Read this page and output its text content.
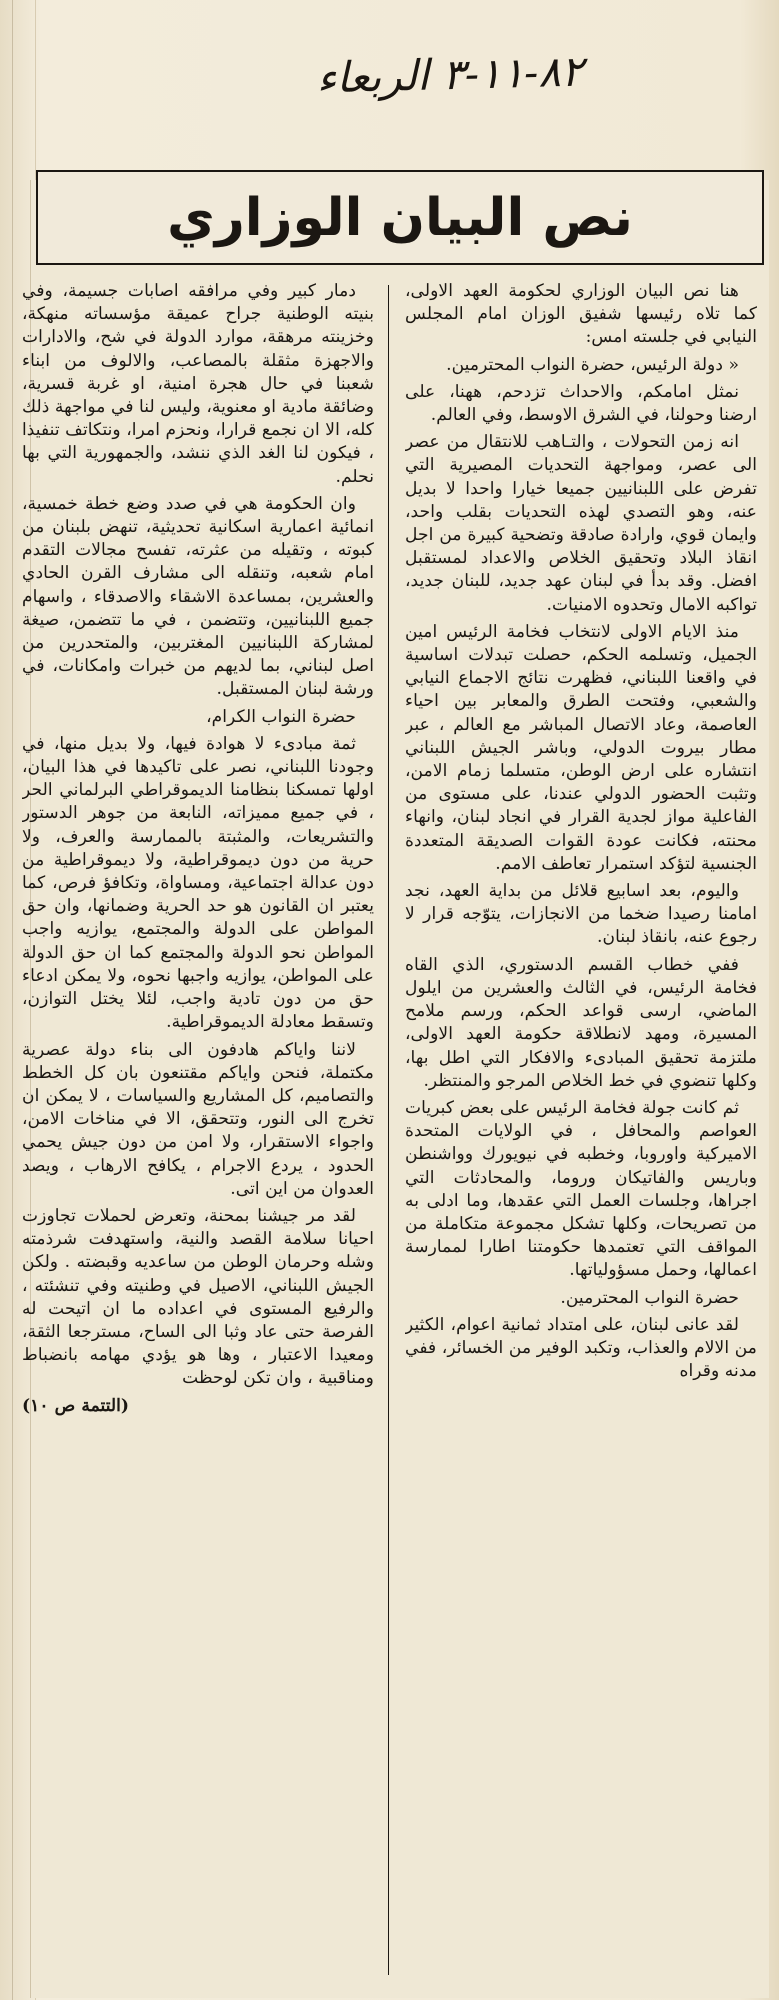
٨٢-١١-٣ الربعاء
نص البيان الوزاري

هنا نص البيان الوزاري لحكومة العهد الاولى، كما تلاه رئيسها شفيق الوزان امام المجلس النيابي في جلسته امس:

« دولة الرئيس، حضرة النواب المحترمين.

نمثل امامكم، والاحداث تزدحم، ههنا، على ارضنا وحولنا، في الشرق الاوسط، وفي العالم.

انه زمن التحولات ، والتـاهب للانتقال من عصر الى عصر، ومواجهة التحديات المصيرية التي تفرض على اللبنانيين جميعا خيارا واحدا لا بديل عنه، وهو التصدي لهذه التحديات بقلب واحد، وايمان قوي، وارادة صادقة وتضحية كبيرة من اجل انقاذ البلاد وتحقيق الخلاص والاعداد لمستقبل افضل. وقد بدأ في لبنان عهد جديد، للبنان جديد، تواكبه الامال وتحدوه الامنيات.

منذ الايام الاولى لانتخاب فخامة الرئيس امين الجميل، وتسلمه الحكم، حصلت تبدلات اساسية في واقعنا اللبناني، فظهرت نتائج الاجماع النيابي والشعبي، وفتحت الطرق والمعابر بين احياء العاصمة، وعاد الاتصال المباشر مع العالم ، عبر مطار بيروت الدولي، وباشر الجيش اللبناني انتشاره على ارض الوطن، متسلما زمام الامن، وتثبت الحضور الدولي عندنا، على مستوى من الفاعلية مواز لجدية القرار في انجاد لبنان، وانهاء محنته، فكانت عودة القوات الصديقة المتعددة الجنسية لتؤكد استمرار تعاطف الامم.

واليوم، بعد اسابيع قلائل من بداية العهد، نجد امامنا رصيدا ضخما من الانجازات، يتوّجه قرار لا رجوع عنه، بانقاذ لبنان.

ففي خطاب القسم الدستوري، الذي القاه فخامة الرئيس، في الثالث والعشرين من ايلول الماضي، ارسى قواعد الحكم، ورسم ملامح المسيرة، ومهد لانطلاقة حكومة العهد الاولى، ملتزمة تحقيق المبادىء والافكار التي اطل بها، وكلها تنضوي في خط الخلاص المرجو والمنتظر.

ثم كانت جولة فخامة الرئيس على بعض كبريات العواصم والمحافل ، في الولايات المتحدة الاميركية واوروبا، وخطبه في نيويورك وواشنطن وباريس والفاتيكان وروما، والمحادثات التي اجراها، وجلسات العمل التي عقدها، وما ادلى به من تصريحات، وكلها تشكل مجموعة متكاملة من المواقف التي تعتمدها حكومتنا اطارا لممارسة اعمالها، وحمل مسؤولياتها.

حضرة النواب المحترمين.

لقد عانى لبنان، على امتداد ثمانية اعوام، الكثير من الالام والعذاب، وتكبد الوفير من الخسائر، ففي مدنه وقراه

دمار كبير وفي مرافقه اصابات جسيمة، وفي بنيته الوطنية جراح عميقة مؤسساته منهكة، وخزينته مرهقة، موارد الدولة في شح، والادارات والاجهزة مثقلة بالمصاعب، والالوف من ابناء شعبنا في حال هجرة امنية، او غربة قسرية، وضائقة مادية او معنوية، وليس لنا في مواجهة ذلك كله، الا ان نجمع قرارا، ونحزم امرا، ونتكاتف تنفيذا ، فيكون لنا الغد الذي ننشد، والجمهورية التي بها نحلم.

وان الحكومة هي في صدد وضع خطة خمسية، انمائية اعمارية اسكانية تحديثية، تنهض بلبنان من كبوته ، وتقيله من عثرته، تفسح مجالات التقدم امام شعبه، وتنقله الى مشارف القرن الحادي والعشرين، بمساعدة الاشقاء والاصدقاء ، واسهام جميع اللبنانيين، وتتضمن ، في ما تتضمن، صيغة لمشاركة اللبنانيين المغتربين، والمتحدرين من اصل لبناني، بما لديهم من خبرات وامكانات، في ورشة لبنان المستقبل.

حضرة النواب الكرام،

ثمة مبادىء لا هوادة فيها، ولا بديل منها، في وجودنا اللبناني، نصر على تاكيدها في هذا البيان، اولها تمسكنا بنظامنا الديموقراطي البرلماني الحر ، في جميع مميزاته، النابعة من جوهر الدستور والتشريعات، والمثبتة بالممارسة والعرف، ولا حرية من دون ديموقراطية، ولا ديموقراطية من دون عدالة اجتماعية، ومساواة، وتكافؤ فرص، كما يعتبر ان القانون هو حد الحرية وضمانها، وان حق المواطن على الدولة والمجتمع، يوازيه واجب المواطن نحو الدولة والمجتمع كما ان حق الدولة على المواطن، يوازيه واجبها نحوه، ولا يمكن ادعاء حق من دون تادية واجب، لئلا يختل التوازن، وتسقط معادلة الديموقراطية.

لاننا واياكم هادفون الى بناء دولة عصرية مكتملة، فنحن واياكم مقتنعون بان كل الخطط والتصاميم، كل المشاريع والسياسات ، لا يمكن ان تخرج الى النور، وتتحقق، الا في مناخات الامن، واجواء الاستقرار، ولا امن من دون جيش يحمي الحدود ، يردع الاجرام ، يكافح الارهاب ، ويصد العدوان من اين اتى.

لقد مر جيشنا بمحنة، وتعرض لحملات تجاوزت احيانا سلامة القصد والنية، واستهدفت شرذمته وشله وحرمان الوطن من ساعديه وقبضته . ولكن الجيش اللبناني، الاصيل في وطنيته وفي تنشئته ، والرفيع المستوى في اعداده ما ان اتيحت له الفرصة حتى عاد وثبا الى الساح، مسترجعا الثقة، ومعيدا الاعتبار ، وها هو يؤدي مهامه بانضباط ومناقبية ، وان تكن لوحظت

(التتمة ص ١٠)
